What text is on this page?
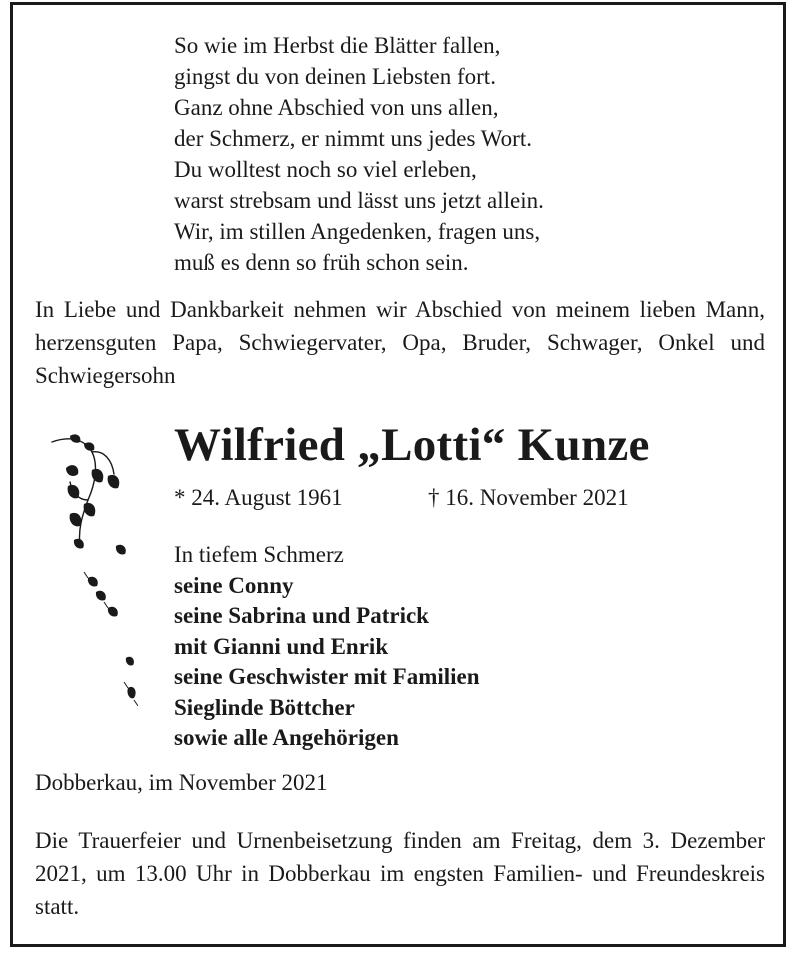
So wie im Herbst die Blätter fallen,
gingst du von deinen Liebsten fort.
Ganz ohne Abschied von uns allen,
der Schmerz, er nimmt uns jedes Wort.
Du wolltest noch so viel erleben,
warst strebsam und lässt uns jetzt allein.
Wir, im stillen Angedenken, fragen uns,
muß es denn so früh schon sein.
In Liebe und Dankbarkeit nehmen wir Abschied von meinem lieben Mann, herzensguten Papa, Schwiegervater, Opa, Bruder, Schwager, Onkel und Schwiegersohn
Wilfried „Lotti“ Kunze
* 24. August 1961	† 16. November 2021
In tiefem Schmerz
seine Conny
seine Sabrina und Patrick
mit Gianni und Enrik
seine Geschwister mit Familien
Sieglinde Böttcher
sowie alle Angehörigen
Dobberkau, im November 2021
Die Trauerfeier und Urnenbeisetzung finden am Freitag, dem 3. Dezember 2021, um 13.00 Uhr in Dobberkau im engsten Familien- und Freundeskreis statt.
